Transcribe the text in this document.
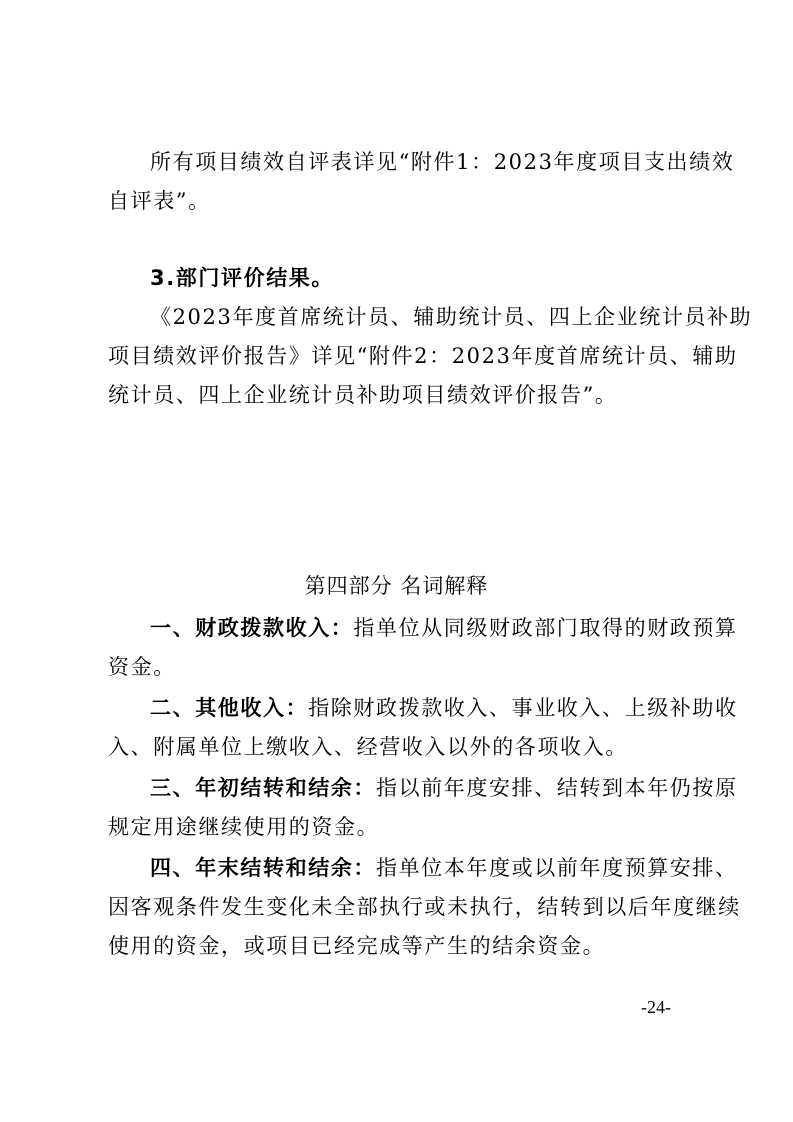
所有项目绩效自评表详见“附件1：2023年度项目支出绩效
自评表”。
3.部门评价结果。
《2023年度首席统计员、辅助统计员、四上企业统计员补助
项目绩效评价报告》详见“附件2：2023年度首席统计员、辅助
统计员、四上企业统计员补助项目绩效评价报告”。
第四部分 名词解释
一、财政拨款收入：指单位从同级财政部门取得的财政预算
资金。
二、其他收入：指除财政拨款收入、事业收入、上级补助收
入、附属单位上缴收入、经营收入以外的各项收入。
三、年初结转和结余：指以前年度安排、结转到本年仍按原
规定用途继续使用的资金。
四、年末结转和结余：指单位本年度或以前年度预算安排、
因客观条件发生变化未全部执行或未执行，结转到以后年度继续
使用的资金，或项目已经完成等产生的结余资金。
-24-
